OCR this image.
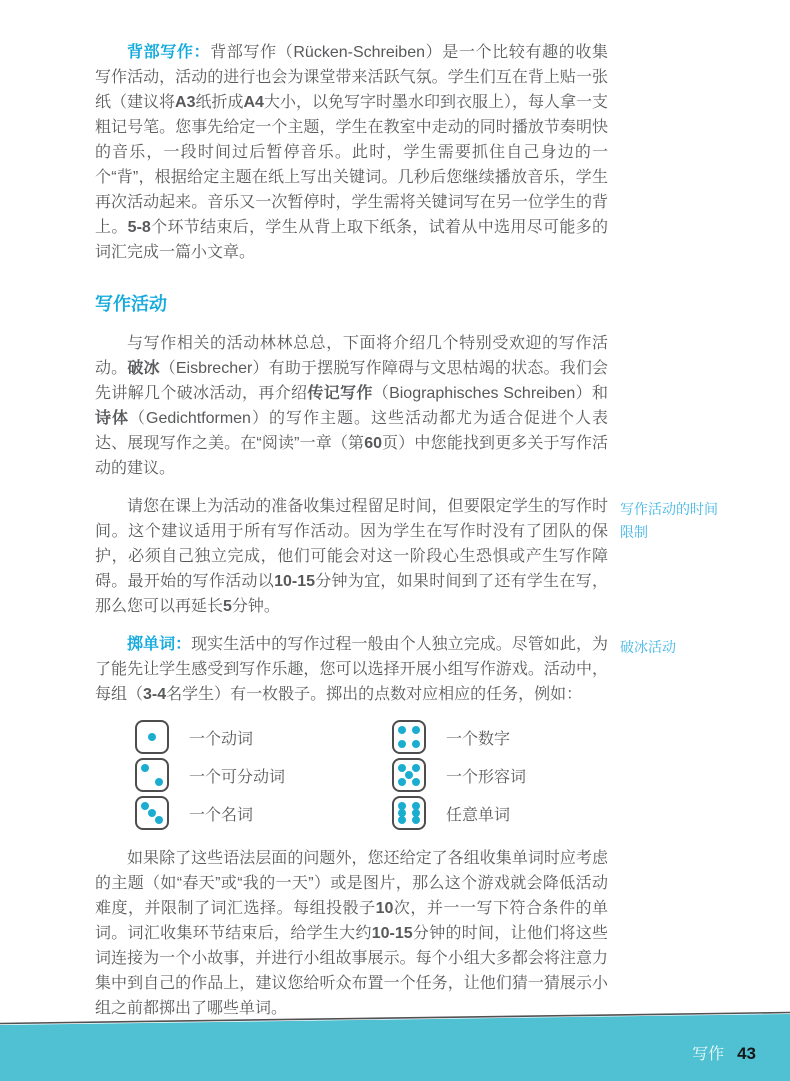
背部写作：背部写作（Rücken-Schreiben）是一个比较有趣的收集写作活动，活动的进行也会为课堂带来活跃气氛。学生们互在背上贴一张纸（建议将A3纸折成A4大小，以免写字时墨水印到衣服上），每人拿一支粗记号笔。您事先给定一个主题，学生在教室中走动的同时播放节奏明快的音乐，一段时间过后暂停音乐。此时，学生需要抓住自己身边的一个“背”，根据给定主题在纸上写出关键词。几秒后您继续播放音乐，学生再次活动起来。音乐又一次暂停时，学生需将关键词写在另一位学生的背上。5-8个环节结束后，学生从背上取下纸条，试着从中选用尽可能多的词汇完成一篇小文章。

写作活动

与写作相关的活动林林总总，下面将介绍几个特别受欢迎的写作活动。破冰（Eisbrecher）有助于摆脱写作障碍与文思枯竭的状态。我们会先讲解几个破冰活动，再介绍传记写作（Biographisches Schreiben）和诗体（Gedichtformen）的写作主题。这些活动都尤为适合促进个人表达、展现写作之美。在“阅读”一章（第60页）中您能找到更多关于写作活动的建议。

请您在课上为活动的准备收集过程留足时间，但要限定学生的写作时间。这个建议适用于所有写作活动。因为学生在写作时没有了团队的保护，必须自己独立完成，他们可能会对这一阶段心生恐惧或产生写作障碍。最开始的写作活动以10-15分钟为宜，如果时间到了还有学生在写，那么您可以再延长5分钟。

写作活动的时间限制

掷单词：现实生活中的写作过程一般由个人独立完成。尽管如此，为了能先让学生感受到写作乐趣，您可以选择开展小组写作游戏。活动中，每组（3-4名学生）有一枚骰子。掷出的点数对应相应的任务，例如：

破冰活动
一个动词
一个可分动词
一个名词
一个数字
一个形容词
任意单词

如果除了这些语法层面的问题外，您还给定了各组收集单词时应考虑的主题（如“春天”或“我的一天”）或是图片，那么这个游戏就会降低活动难度，并限制了词汇选择。每组投骰子10次，并一一写下符合条件的单词。词汇收集环节结束后，给学生大约10-15分钟的时间，让他们将这些词连接为一个小故事，并进行小组故事展示。每个小组大多都会将注意力集中到自己的作品上，建议您给听众布置一个任务，让他们猜一猜展示小组之前都掷出了哪些单词。

写作 43
